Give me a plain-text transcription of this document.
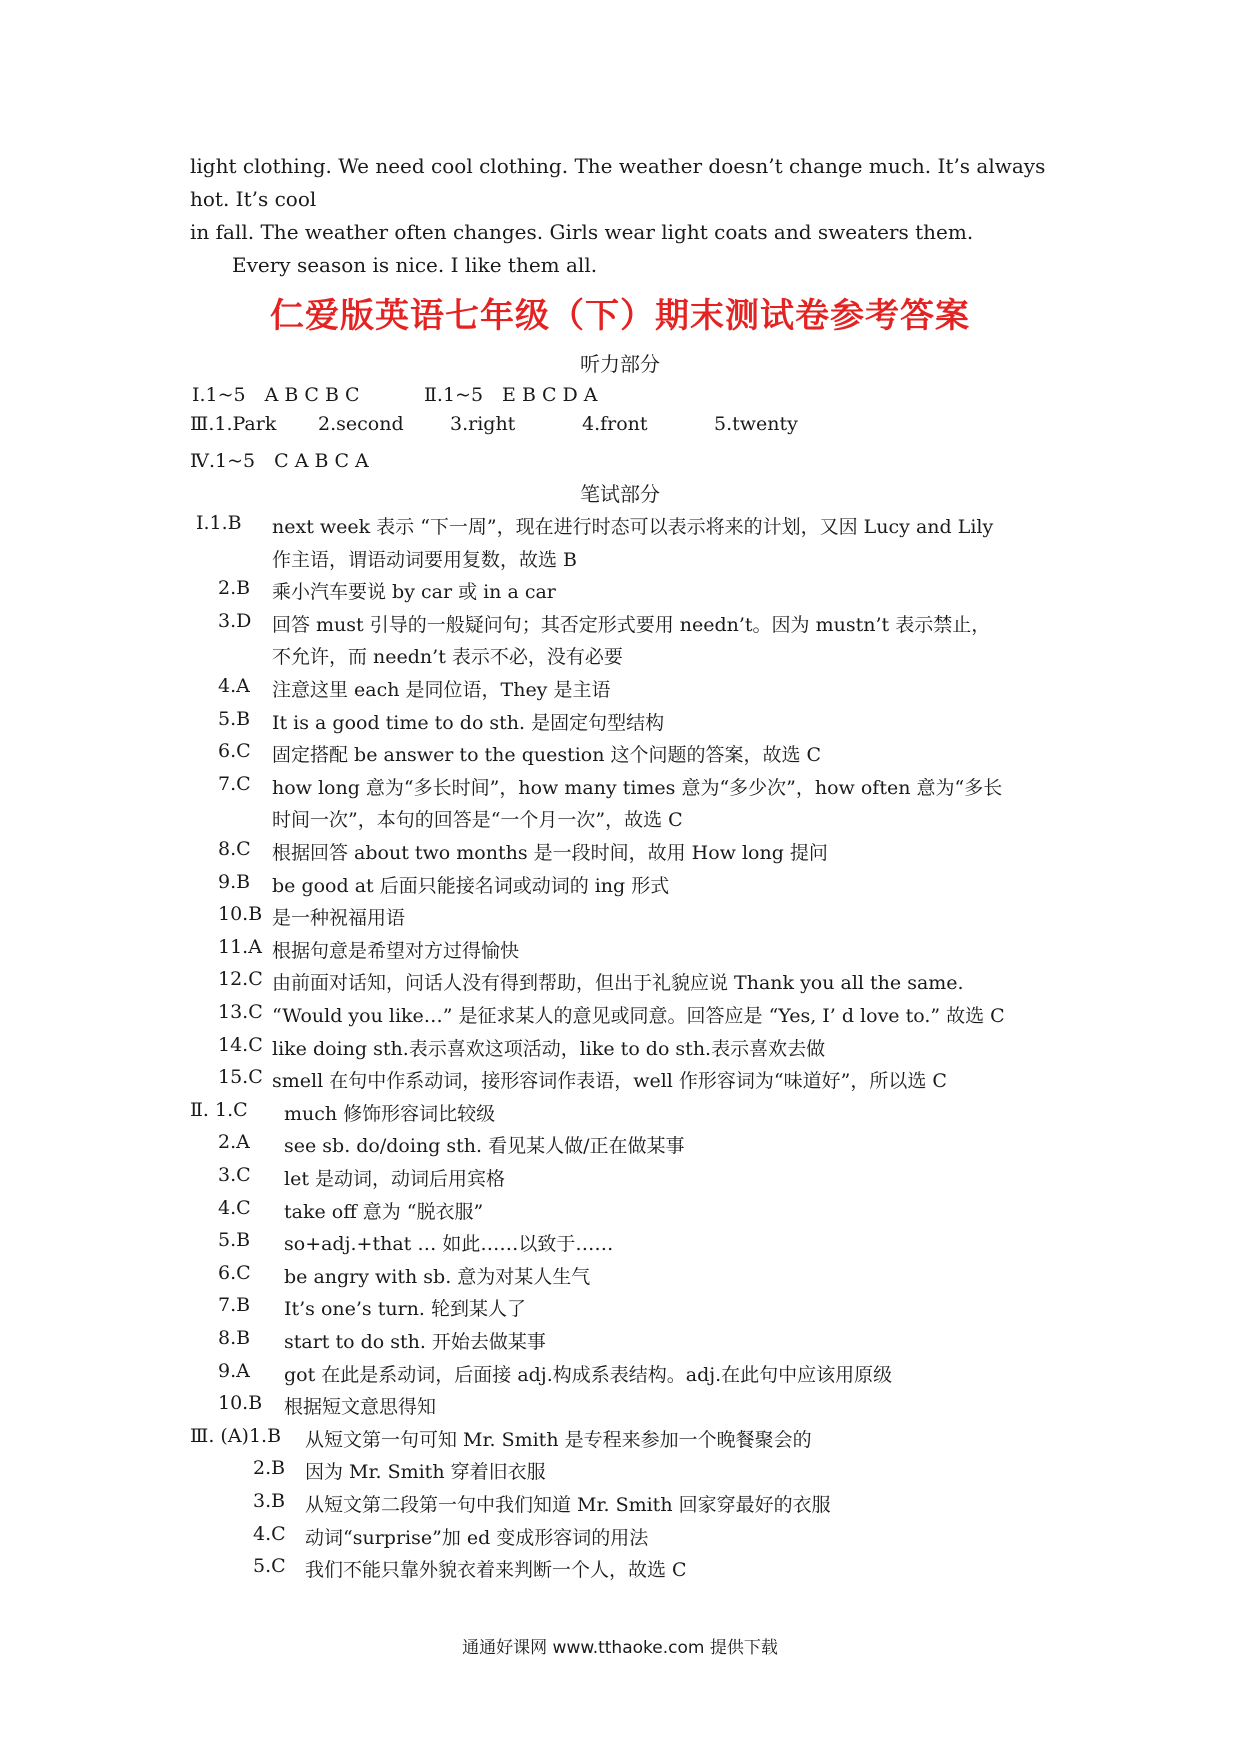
light clothing. We need cool clothing. The weather doesn’t change much. It’s always hot. It’s cool

in fall. The weather often changes. Girls wear light coats and sweaters them.

Every season is nice. I like them all.

仁爱版英语七年级（下）期末测试卷参考答案
听力部分
Ⅰ.1~5　A B C B C	Ⅱ.1~5　E B C D A
Ⅲ.1.Park 2.second 3.right	4.front	5.twenty
Ⅳ.1~5　C A B C A
笔试部分
Ⅰ.1.B next week 表示 “下一周”，现在进行时态可以表示将来的计划，又因 Lucy and Lily
作主语，谓语动词要用复数，故选 B
2.B 乘小汽车要说 by car 或 in a car
3.D 回答 must 引导的一般疑问句；其否定形式要用 needn’t。因为 mustn’t 表示禁止，
不允许，而 needn’t 表示不必，没有必要
4.A 注意这里 each 是同位语，They 是主语
5.B It is a good time to do sth. 是固定句型结构
6.C 固定搭配 be answer to the question 这个问题的答案，故选 C
7.C how long 意为“多长时间”，how many times 意为“多少次”，how often 意为“多长
时间一次”，本句的回答是“一个月一次”，故选 C
8.C 根据回答 about two months 是一段时间，故用 How long 提问
9.B be good at 后面只能接名词或动词的 ing 形式
10.B 是一种祝福用语
11.A 根据句意是希望对方过得愉快
12.C 由前面对话知，问话人没有得到帮助，但出于礼貌应说 Thank you all the same.
13.C “Would you like…” 是征求某人的意见或同意。回答应是 “Yes, I’ d love to.” 故选 C
14.C like doing sth.表示喜欢这项活动，like to do sth.表示喜欢去做
15.C smell 在句中作系动词，接形容词作表语，well 作形容词为“味道好”，所以选 C
Ⅱ. 1.C much 修饰形容词比较级
2.A see sb. do/doing sth. 看见某人做/正在做某事
3.C let 是动词，动词后用宾格
4.C take off 意为 “脱衣服”
5.B so+adj.+that … 如此……以致于……
6.C be angry with sb. 意为对某人生气
7.B It’s one’s turn. 轮到某人了
8.B start to do sth. 开始去做某事
9.A got 在此是系动词，后面接 adj.构成系表结构。adj.在此句中应该用原级
10.B 根据短文意思得知
Ⅲ. (A)1.B 从短文第一句可知 Mr. Smith 是专程来参加一个晚餐聚会的
2.B 因为 Mr. Smith 穿着旧衣服
3.B 从短文第二段第一句中我们知道 Mr. Smith 回家穿最好的衣服
4.C 动词“surprise”加 ed 变成形容词的用法
5.C 我们不能只靠外貌衣着来判断一个人，故选 C
通通好课网 www.tthaoke.com 提供下载
